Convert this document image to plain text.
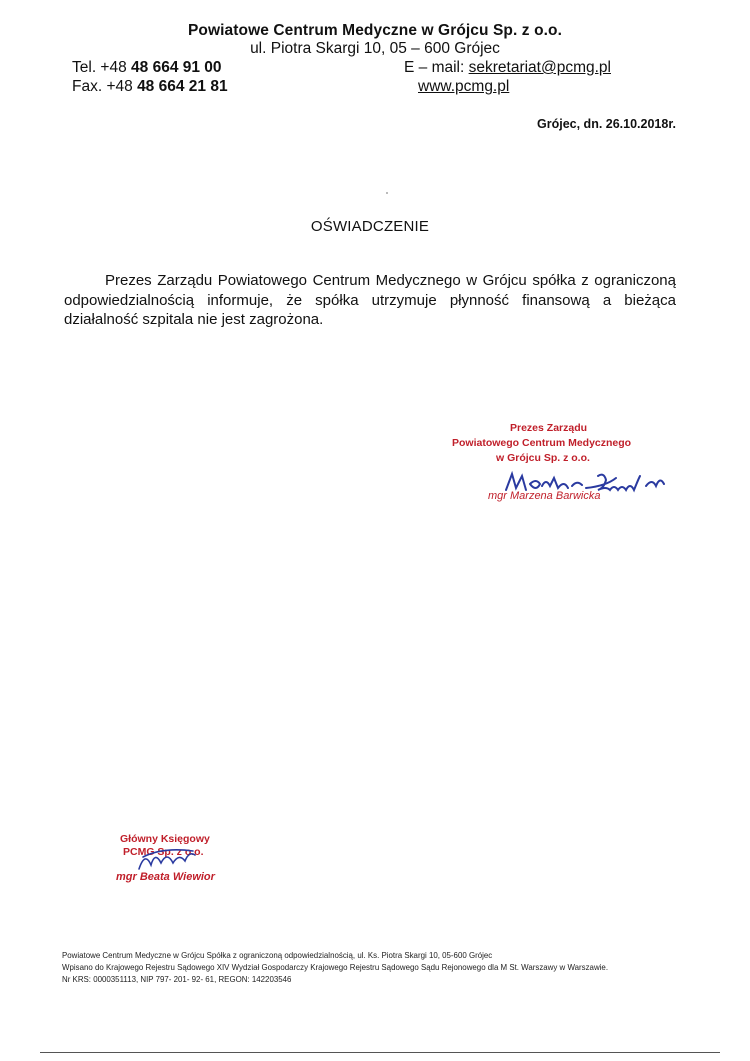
Powiatowe Centrum Medyczne w Grójcu Sp. z o.o.
ul. Piotra Skargi 10, 05 – 600 Grójec
Tel. +48 48 664 91 00
Fax. +48 48 664 21 81
E – mail: sekretariat@pcmg.pl
www.pcmg.pl
Grójec, dn. 26.10.2018r.
OŚWIADCZENIE
Prezes Zarządu Powiatowego Centrum Medycznego w Grójcu spółka z ograniczoną odpowiedzialnością informuje, że spółka utrzymuje płynność finansową a bieżąca działalność szpitala nie jest zagrożona.
Prezes Zarządu
Powiatowego Centrum Medycznego
w Grójcu Sp. z o.o.
mgr Marzena Barwicka
Główny Księgowy
PCMG Sp. z o.o.
mgr Beata Wiewior
Powiatowe Centrum Medyczne w Grójcu Spółka z ograniczoną odpowiedzialnością, ul. Ks. Piotra Skargi 10, 05-600 Grójec
Wpisano do Krajowego Rejestru Sądowego XIV Wydział Gospodarczy Krajowego Rejestru Sądowego Sądu Rejonowego dla M St. Warszawy w Warszawie.
Nr KRS: 0000351113, NIP 797- 201- 92- 61, REGON: 142203546
